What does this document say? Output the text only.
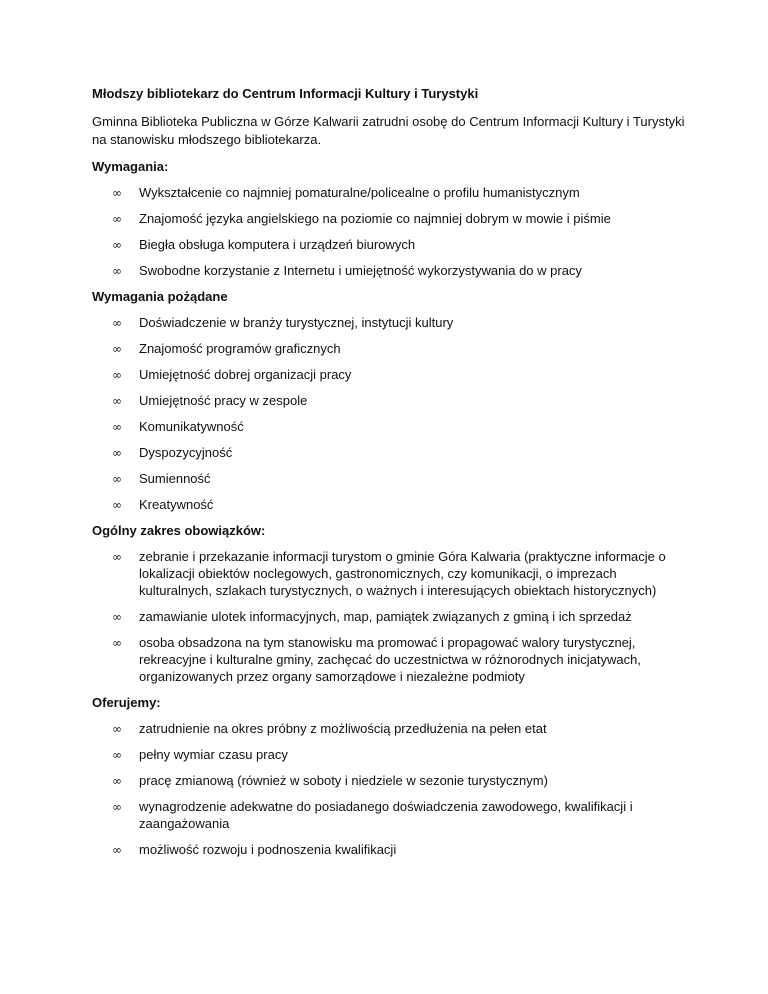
Młodszy bibliotekarz do Centrum Informacji Kultury i Turystyki
Gminna Biblioteka Publiczna w Górze Kalwarii zatrudni osobę do Centrum Informacji Kultury i Turystyki na stanowisku młodszego bibliotekarza.
Wymagania:
∞ Wykształcenie co najmniej pomaturalne/policealne o profilu humanistycznym
∞ Znajomość języka angielskiego na poziomie co najmniej dobrym w mowie i piśmie
∞ Biegła obsługa komputera i urządzeń biurowych
∞ Swobodne korzystanie z Internetu i umiejętność wykorzystywania do w pracy
Wymagania pożądane
∞ Doświadczenie w branży turystycznej, instytucji kultury
∞ Znajomość programów graficznych
∞ Umiejętność dobrej organizacji pracy
∞ Umiejętność pracy w zespole
∞ Komunikatywność
∞ Dyspozycyjność
∞ Sumienność
∞ Kreatywność
Ogólny zakres obowiązków:
∞ zebranie i przekazanie informacji turystom o gminie Góra Kalwaria (praktyczne informacje o lokalizacji obiektów noclegowych, gastronomicznych, czy komunikacji, o imprezach kulturalnych, szlakach turystycznych, o ważnych i interesujących obiektach historycznych)
∞ zamawianie ulotek informacyjnych, map, pamiątek związanych z gminą i ich sprzedaż
∞ osoba obsadzona na tym stanowisku ma promować i propagować walory turystycznej, rekreacyjne i kulturalne gminy, zachęcać do uczestnictwa w różnorodnych inicjatywach, organizowanych przez organy samorządowe i niezależne podmioty
Oferujemy:
∞ zatrudnienie na okres próbny z możliwością przedłużenia na pełen etat
∞ pełny wymiar czasu pracy
∞ pracę zmianową (również w soboty i niedziele w sezonie turystycznym)
∞ wynagrodzenie adekwatne do posiadanego doświadczenia zawodowego, kwalifikacji i zaangażowania
∞ możliwość rozwoju i podnoszenia kwalifikacji
